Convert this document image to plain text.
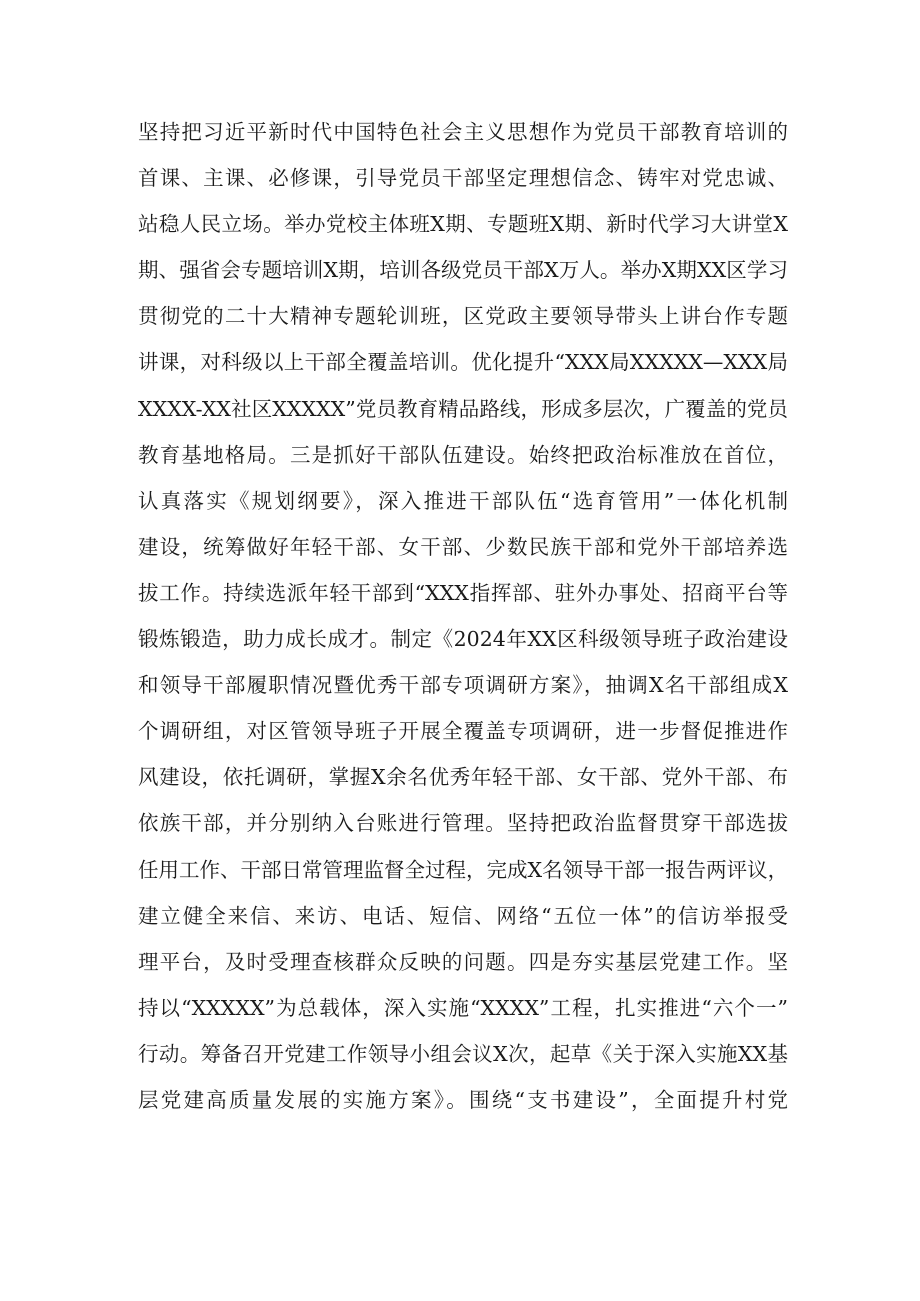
坚持把习近平新时代中国特色社会主义思想作为党员干部教育培训的
首课、主课、必修课，引导党员干部坚定理想信念、铸牢对党忠诚、
站稳人民立场。举办党校主体班X期、专题班X期、新时代学习大讲堂X
期、强省会专题培训X期，培训各级党员干部X万人。举办X期XX区学习
贯彻党的二十大精神专题轮训班，区党政主要领导带头上讲台作专题
讲课，对科级以上干部全覆盖培训。优化提升“XXX局XXXXX—XXX局
XXXX-XX社区XXXXX”党员教育精品路线，形成多层次，广覆盖的党员
教育基地格局。三是抓好干部队伍建设。始终把政治标准放在首位，
认真落实《规划纲要》，深入推进干部队伍“选育管用”一体化机制
建设，统筹做好年轻干部、女干部、少数民族干部和党外干部培养选
拔工作。持续选派年轻干部到“XXX指挥部、驻外办事处、招商平台等
锻炼锻造，助力成长成才。制定《2024年XX区科级领导班子政治建设
和领导干部履职情况暨优秀干部专项调研方案》，抽调X名干部组成X
个调研组，对区管领导班子开展全覆盖专项调研，进一步督促推进作
风建设，依托调研，掌握X余名优秀年轻干部、女干部、党外干部、布
依族干部，并分别纳入台账进行管理。坚持把政治监督贯穿干部选拔
任用工作、干部日常管理监督全过程，完成X名领导干部一报告两评议，
建立健全来信、来访、电话、短信、网络“五位一体”的信访举报受
理平台，及时受理查核群众反映的问题。四是夯实基层党建工作。坚
持以“XXXXX”为总载体，深入实施“XXXX”工程，扎实推进“六个一”
行动。筹备召开党建工作领导小组会议X次，起草《关于深入实施XX基
层党建高质量发展的实施方案》。围绕“支书建设”，全面提升村党
